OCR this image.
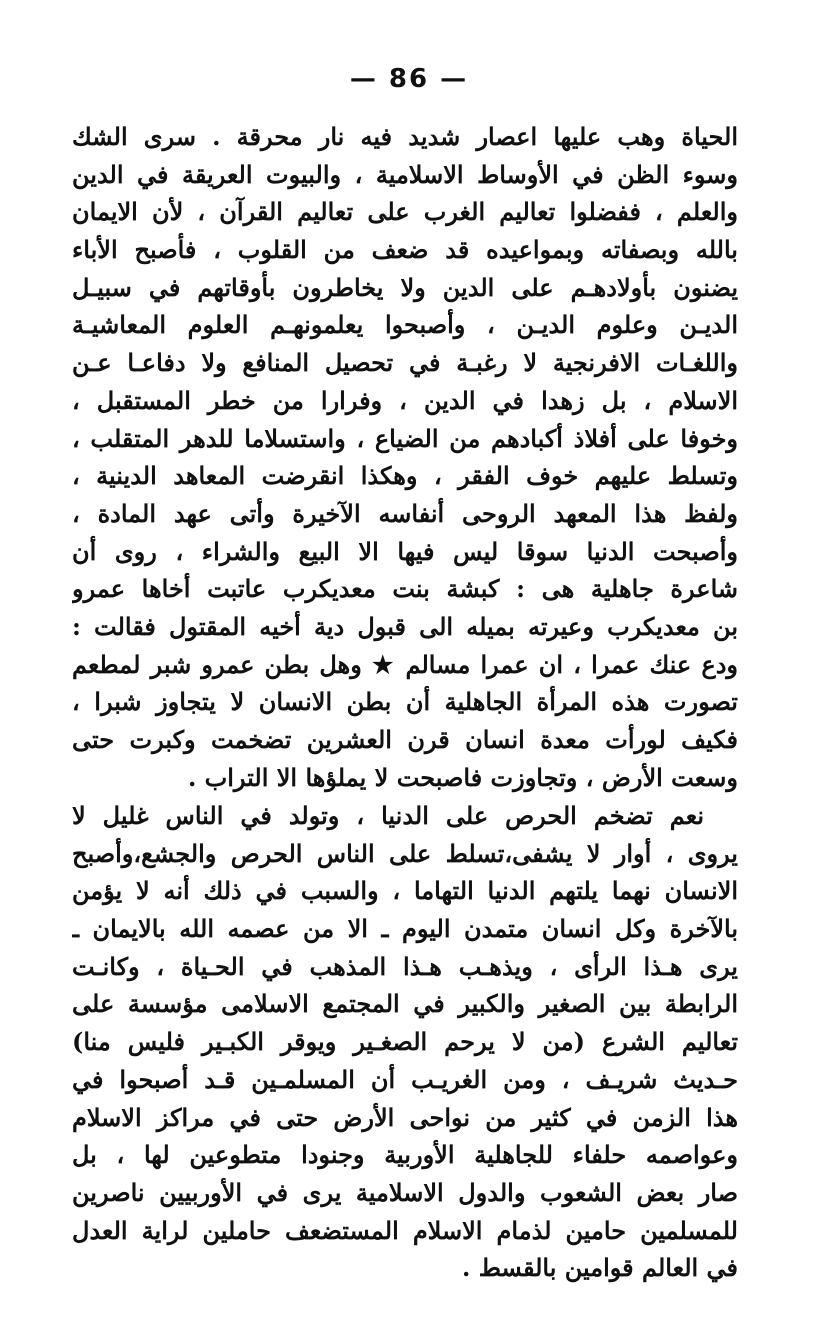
— 86 —
الحياة وهب عليها اعصار شديد فيه نار محرقة . سرى الشك
وسوء الظن في الأوساط الاسلامية ، والبيوت العريقة في الدين
والعلم ، ففضلوا تعاليم الغرب على تعاليم القرآن ، لأن الايمان
بالله وبصفاته وبمواعيده قد ضعف من القلوب ، فأصبح الأباء
يضنون بأولادهـم على الدين ولا يخاطرون بأوقاتهم في سبيـل
الديـن وعلوم الديـن ، وأصبحوا يعلمونهـم العلوم المعاشيـة
واللغـات الافرنجية لا رغبـة في تحصيل المنافع ولا دفاعـا عـن
الاسلام ، بل زهدا في الدين ، وفرارا من خطر المستقبل ،
وخوفا على أفلاذ أكبادهم من الضياع ، واستسلاما للدهر المتقلب ،
وتسلط عليهم خوف الفقر ، وهكذا انقرضت المعاهد الدينية ،
ولفظ هذا المعهد الروحى أنفاسه الآخيرة وأتى عهد المادة ،
وأصبحت الدنيا سوقا ليس فيها الا البيع والشراء ، روى أن
شاعرة جاهلية هى : كبشة بنت معديكرب عاتبت أخاها عمرو
بن معديكرب وعيرته بميله الى قبول دية أخيه المقتول فقالت :
ودع عنك عمرا ، ان عمرا مسالم ★ وهل بطن عمرو شبر لمطعم
تصورت هذه المرأة الجاهلية أن بطن الانسان لا يتجاوز شبرا ،
فكيف لورأت معدة انسان قرن العشرين تضخمت وكبرت حتى
وسعت الأرض ، وتجاوزت فاصبحت لا يملؤها الا التراب .
نعم تضخم الحرص على الدنيا ، وتولد في الناس غليل لا
يروى ، أوار لا يشفى،تسلط على الناس الحرص والجشع،وأصبح
الانسان نهما يلتهم الدنيا التهاما ، والسبب في ذلك أنه لا يؤمن
بالآخرة وكل انسان متمدن اليوم ـ الا من عصمه الله بالايمان ـ
يرى هـذا الرأى ، ويذهـب هـذا المذهب في الحـياة ، وكانـت
الرابطة بين الصغير والكبير في المجتمع الاسلامى مؤسسة على
تعاليم الشرع (من لا يرحم الصغـير ويوقر الكبـير فليس منا)
حـديث شريـف ، ومن الغريـب أن المسلمـين قـد أصبحوا في
هذا الزمن في كثير من نواحى الأرض حتى في مراكز الاسلام
وعواصمه حلفاء للجاهلية الأوربية وجنودا متطوعين لها ، بل
صار بعض الشعوب والدول الاسلامية يرى في الأوربيين ناصرين
للمسلمين حامين لذمام الاسلام المستضعف حاملين لراية العدل
في العالم قوامين بالقسط .
